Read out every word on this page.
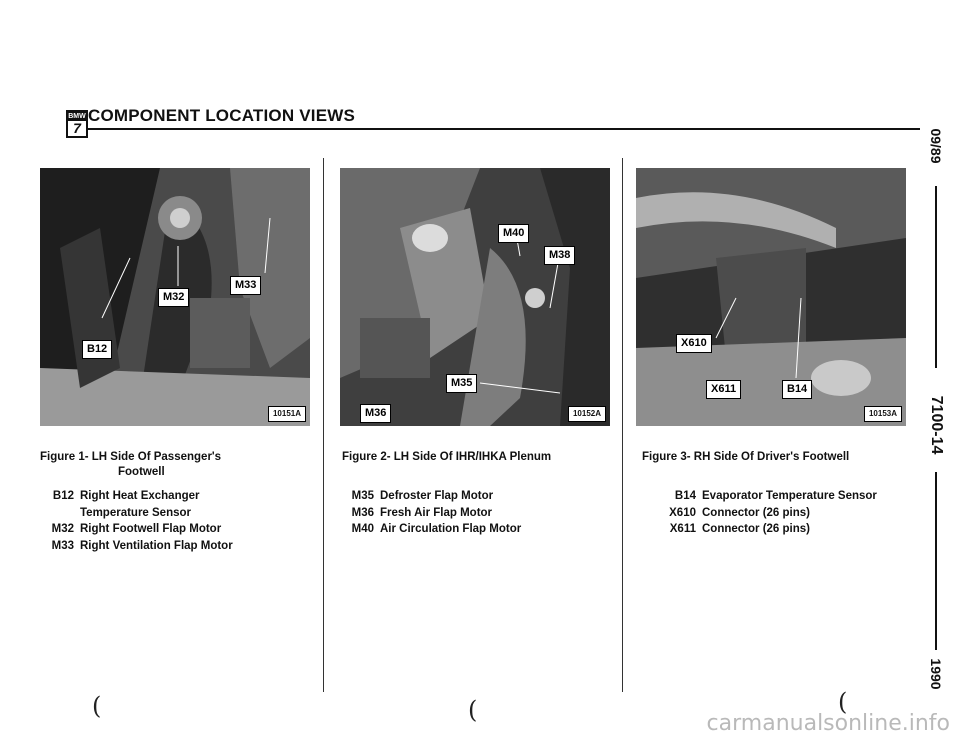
BMW
7
COMPONENT LOCATION VIEWS
M32
M33
B12
10151A
M40
M38
M35
M36	10152A
X610
X611	B14
10153A
Figure 1- LH Side Of Passenger's
Footwell
B12 Right Heat Exchanger
Temperature Sensor
M32 Right Footwell Flap Motor
M33 Right Ventilation Flap Motor
Figure 2- LH Side Of IHR/IHKA Plenum
M35 Defroster Flap Motor
M36 Fresh Air Flap Motor
M40 Air Circulation Flap Motor
Figure 3- RH Side Of Driver's Footwell
B14 Evaporator Temperature Sensor
X610 Connector (26 pins)
X611 Connector (26 pins)
09/89
7100-14
1990
(	(	(
carmanualsonline.info
